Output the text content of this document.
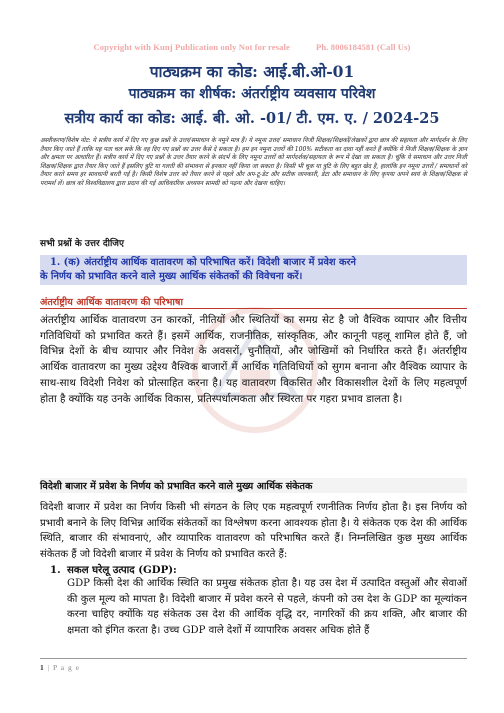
Copyright with Kunj Publication only Not for resale	Ph. 8006184581 (Call Us)
पाठ्यक्रम का कोड: आई.बी.ओ-01
पाठ्यक्रम का शीर्षक: अंतर्राष्ट्रीय व्यवसाय परिवेश
सत्रीय कार्य का कोड: आई. बी. ओ. -01/ टी. एम. ए. / 2024-25
अस्वीकरण/विशेष नोट: ये सत्रीय कार्य में दिए गए कुछ प्रश्नों के उत्तर/समाधान के नमूने मात्र हैं। ये नमूना उत्तर/ समाधान निजी शिक्षक/शिक्षकों/लेखकों द्वारा छात्र की सहायता और मार्गदर्शन के लिए तैयार किए जाते हैं ताकि यह पता चल सके कि वह दिए गए प्रश्नों का उत्तर कैसे दे सकता है। हम इन नमूना उत्तरों की 100% सटीकता का दावा नहीं करते हैं क्योंकि ये निजी शिक्षक/शिक्षक के ज्ञान और क्षमता पर आधारित हैं। सत्रीय कार्य में दिए गए प्रश्नों के उत्तर तैयार करने के संदर्भ के लिए नमूना उत्तरों को मार्गदर्शक/सहायता के रूप में देखा जा सकता है। चूंकि ये समाधान और उत्तर निजी शिक्षक/शिक्षक द्वारा तैयार किए जाते हैं इसलिए त्रुटि या गलती की संभावना से इनकार नहीं किया जा सकता है। किसी भी चूक या त्रुटि के लिए बहुत खेद है, हालांकि इन नमूना उत्तरों / समाधानों को तैयार करते समय हर सावधानी बरती गई है। किसी विशेष उत्तर को तैयार करने से पहले और अप-टू-डेट और सटीक जानकारी, डेटा और समाधान के लिए कृपया अपने स्वयं के शिक्षक/शिक्षक से परामर्श लें। छात्र को विश्वविद्यालय द्वारा प्रदान की गई आधिकारिक अध्ययन सामग्री को पढ़ना और देखना चाहिए।
सभी प्रश्नों के उत्तर दीजिए
1. (क) अंतर्राष्ट्रीय आर्थिक वातावरण को परिभाषित करें। विदेशी बाजार में प्रवेश करने
के निर्णय को प्रभावित करने वाले मुख्य आर्थिक संकेतकों की विवेचना करें।
अंतर्राष्ट्रीय आर्थिक वातावरण की परिभाषा
अंतर्राष्ट्रीय आर्थिक वातावरण उन कारकों, नीतियों और स्थितियों का समग्र सेट है जो वैश्विक व्यापार और वित्तीय गतिविधियों को प्रभावित करते हैं। इसमें आर्थिक, राजनीतिक, सांस्कृतिक, और कानूनी पहलू शामिल होते हैं, जो विभिन्न देशों के बीच व्यापार और निवेश के अवसरों, चुनौतियों, और जोखिमों को निर्धारित करते हैं। अंतर्राष्ट्रीय आर्थिक वातावरण का मुख्य उद्देश्य वैश्विक बाजारों में आर्थिक गतिविधियों को सुगम बनाना और वैश्विक व्यापार के साथ-साथ विदेशी निवेश को प्रोत्साहित करना है। यह वातावरण विकसित और विकासशील देशों के लिए महत्वपूर्ण होता है क्योंकि यह उनके आर्थिक विकास, प्रतिस्पर्धात्मकता और स्थिरता पर गहरा प्रभाव डालता है।
विदेशी बाजार में प्रवेश के निर्णय को प्रभावित करने वाले मुख्य आर्थिक संकेतक
विदेशी बाजार में प्रवेश का निर्णय किसी भी संगठन के लिए एक महत्वपूर्ण रणनीतिक निर्णय होता है। इस निर्णय को प्रभावी बनाने के लिए विभिन्न आर्थिक संकेतकों का विश्लेषण करना आवश्यक होता है। ये संकेतक एक देश की आर्थिक स्थिति, बाजार की संभावनाएं, और व्यापारिक वातावरण को परिभाषित करते हैं। निम्नलिखित कुछ मुख्य आर्थिक संकेतक हैं जो विदेशी बाजार में प्रवेश के निर्णय को प्रभावित करते हैं:
1. सकल घरेलू उत्पाद (GDP):
GDP किसी देश की आर्थिक स्थिति का प्रमुख संकेतक होता है। यह उस देश में उत्पादित वस्तुओं और सेवाओं की कुल मूल्य को मापता है। विदेशी बाजार में प्रवेश करने से पहले, कंपनी को उस देश के GDP का मूल्यांकन करना चाहिए क्योंकि यह संकेतक उस देश की आर्थिक वृद्धि दर, नागरिकों की क्रय शक्ति, और बाजार की क्षमता को इंगित करता है। उच्च GDP वाले देशों में व्यापारिक अवसर अधिक होते हैं
1 | P a g e
